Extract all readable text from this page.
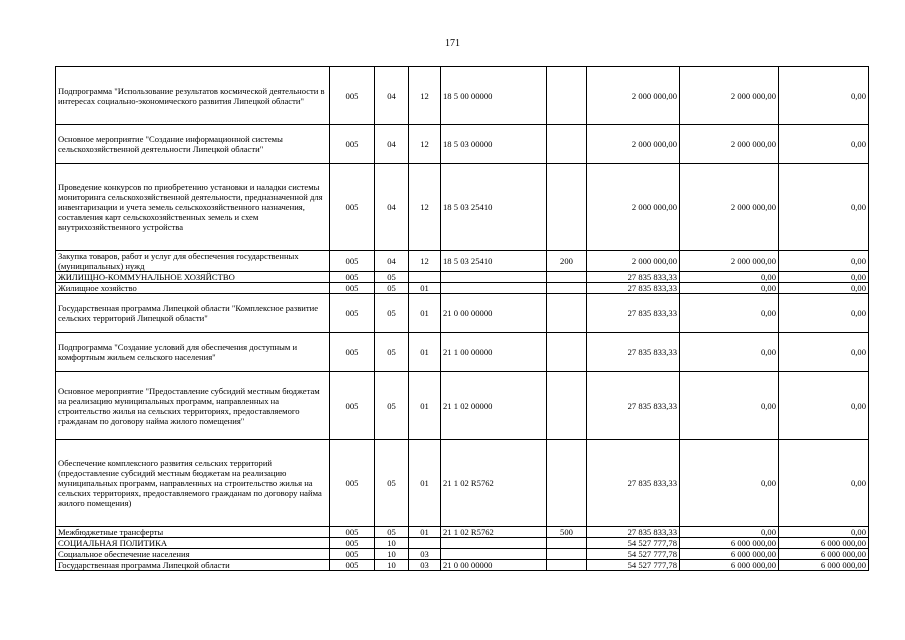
171
Подпрограмма "Использование результатов космической деятельности в интересах социально-экономического развития Липецкой области"	005	04	12	18 5 00 00000		2 000 000,00	2 000 000,00	0,00

Основное мероприятие "Создание информационной системы сельскохозяйственной деятельности Липецкой области"	005	04	12	18 5 03 00000		2 000 000,00	2 000 000,00	0,00

Проведение конкурсов по приобретению установки и наладки системы мониторинга сельскохозяйственной деятельности, предназначенной для инвентаризации и учета земель сельскохозяйственного назначения, составления карт сельскохозяйственных земель и схем внутрихозяйственного устройства	005	04	12	18 5 03 25410		2 000 000,00	2 000 000,00	0,00

Закупка товаров, работ и услуг для обеспечения государственных (муниципальных) нужд	005	04	12	18 5 03 25410	200	2 000 000,00	2 000 000,00	0,00

ЖИЛИЩНО-КОММУНАЛЬНОЕ ХОЗЯЙСТВО	005	05				27 835 833,33	0,00	0,00

Жилищное хозяйство	005	05	01			27 835 833,33	0,00	0,00

Государственная программа Липецкой области "Комплексное развитие сельских территорий Липецкой области"	005	05	01	21 0 00 00000		27 835 833,33	0,00	0,00

Подпрограмма "Создание условий для обеспечения доступным и комфортным жильем сельского населения"	005	05	01	21 1 00 00000		27 835 833,33	0,00	0,00

Основное мероприятие "Предоставление субсидий местным бюджетам на реализацию муниципальных программ, направленных на строительство жилья на сельских территориях, предоставляемого гражданам по договору найма жилого помещения"	005	05	01	21 1 02 00000		27 835 833,33	0,00	0,00

Обеспечение комплексного развития сельских территорий (предоставление субсидий местным бюджетам на реализацию муниципальных программ, направленных на строительство жилья на сельских территориях, предоставляемого гражданам по договору найма жилого помещения)	005	05	01	21 1 02 R5762		27 835 833,33	0,00	0,00

Межбюджетные трансферты	005	05	01	21 1 02 R5762	500	27 835 833,33	0,00	0,00

СОЦИАЛЬНАЯ ПОЛИТИКА	005	10				54 527 777,78	6 000 000,00	6 000 000,00

Социальное обеспечение населения	005	10	03			54 527 777,78	6 000 000,00	6 000 000,00

Государственная программа Липецкой области	005	10	03	21 0 00 00000		54 527 777,78	6 000 000,00	6 000 000,00
